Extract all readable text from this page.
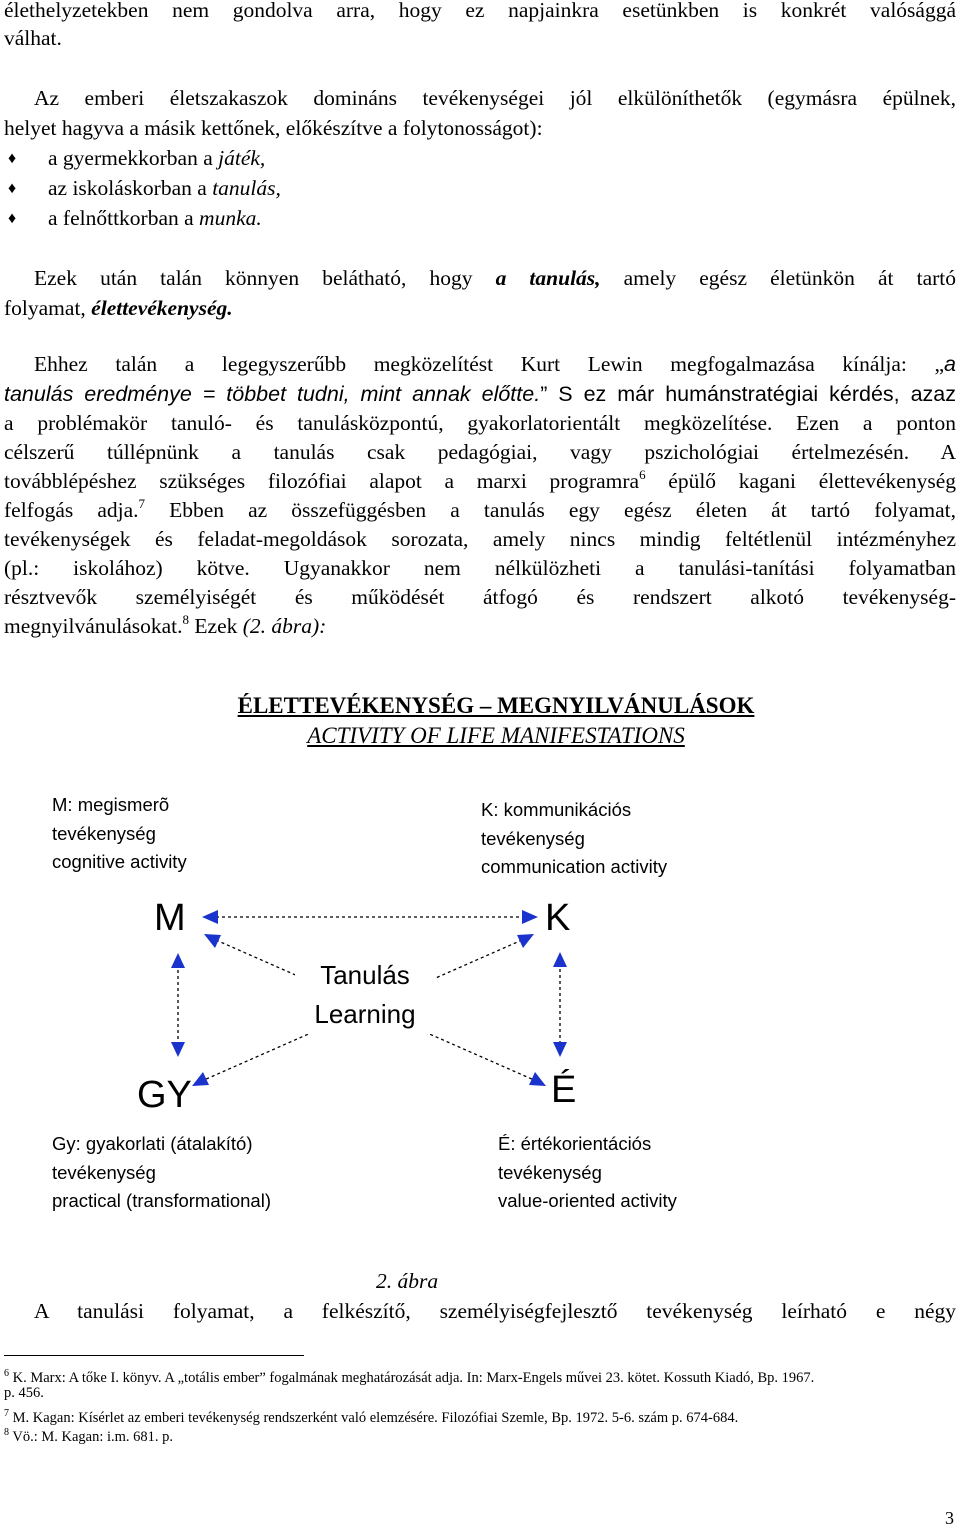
élethelyzetekben nem gondolva arra, hogy ez napjainkra esetünkben is konkrét valósággá
válhat.
Az emberi életszakaszok domináns tevékenységei jól elkülöníthetők (egymásra épülnek,
helyet hagyva a másik kettőnek, előkészítve a folytonosságot):
♦ a gyermekkorban a játék,
♦ az iskoláskorban a tanulás,
♦ a felnőttkorban a munka.
Ezek után talán könnyen belátható, hogy a tanulás, amely egész életünkön át tartó
folyamat, élettevékenység.
Ehhez talán a legegyszerűbb megközelítést Kurt Lewin megfogalmazása kínálja: „a
tanulás eredménye = többet tudni, mint annak előtte.” S ez már humánstratégiai kérdés, azaz
a problémakör tanuló- és tanulásközpontú, gyakorlatorientált megközelítése. Ezen a ponton
célszerű túllépnünk a tanulás csak pedagógiai, vagy pszichológiai értelmezésén. A
továbblépéshez szükséges filozófiai alapot a marxi programra$^6$ épülő kagani élettevékenység
felfogás adja.$^7$ Ebben az összefüggésben a tanulás egy egész életen át tartó folyamat,
tevékenységek és feladat-megoldások sorozata, amely nincs mindig feltétlenül intézményhez
(pl.: iskolához) kötve. Ugyanakkor nem nélkülözheti a tanulási-tanítási folyamatban
résztvevők személyiségét és működését átfogó és rendszert alkotó tevékenység-
megnyilvánulásokat.$^8$ Ezek (2. ábra):
ÉLETTEVÉKENYSÉG – MEGNYILVÁNULÁSOK
ACTIVITY OF LIFE MANIFESTATIONS
M: megismerõ
tevékenység
cognitive activity
K: kommunikációs
tevékenység
communication activity
Gy: gyakorlati (átalakító)
tevékenység
practical (transformational)
É: értékorientációs
tevékenység
value-oriented activity
M	K
GY	É
Tanulás
Learning
2. ábra
A tanulási folyamat, a felkészítő, személyiségfejlesztő tevékenység leírható e négy
$^6$ K. Marx: A tőke I. könyv. A „totális ember” fogalmának meghatározását adja. In: Marx-Engels művei 23. kötet. Kossuth Kiadó, Bp. 1967.
p. 456.
$^7$ M. Kagan: Kísérlet az emberi tevékenység rendszerként való elemzésére. Filozófiai Szemle, Bp. 1972. 5-6. szám p. 674-684.
$^8$ Vö.: M. Kagan: i.m. 681. p.
3
